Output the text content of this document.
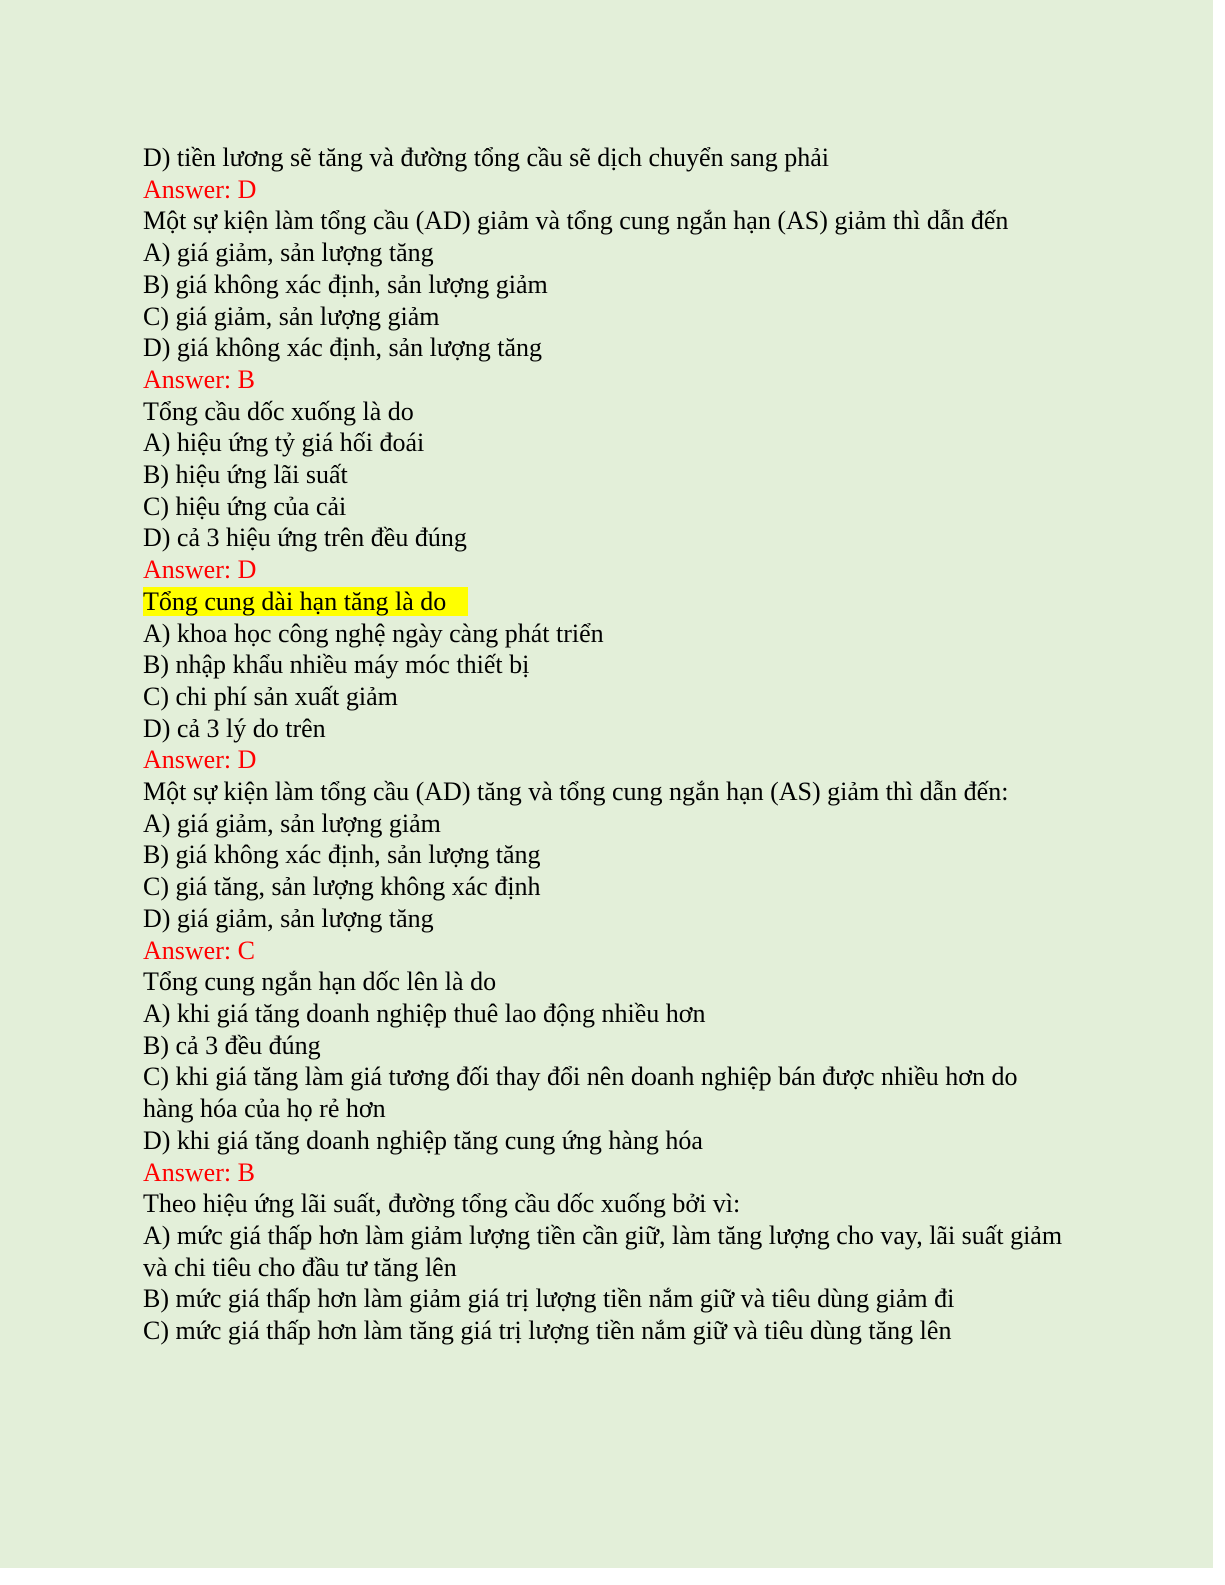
D) tiền lương sẽ tăng và đường tổng cầu sẽ dịch chuyển sang phải
Answer: D
Một sự kiện làm tổng cầu (AD) giảm và tổng cung ngắn hạn (AS) giảm thì dẫn đến
A) giá giảm, sản lượng tăng
B) giá không xác định, sản lượng giảm
C) giá giảm, sản lượng giảm
D) giá không xác định, sản lượng tăng
Answer: B
Tổng cầu dốc xuống là do
A) hiệu ứng tỷ giá hối đoái
B) hiệu ứng lãi suất
C) hiệu ứng của cải
D) cả 3 hiệu ứng trên đều đúng
Answer: D
Tổng cung dài hạn tăng là do
A) khoa học công nghệ ngày càng phát triển
B) nhập khẩu nhiều máy móc thiết bị
C) chi phí sản xuất giảm
D) cả 3 lý do trên
Answer: D
Một sự kiện làm tổng cầu (AD) tăng và tổng cung ngắn hạn (AS) giảm thì dẫn đến:
A) giá giảm, sản lượng giảm
B) giá không xác định, sản lượng tăng
C) giá tăng, sản lượng không xác định
D) giá giảm, sản lượng tăng
Answer: C
Tổng cung ngắn hạn dốc lên là do
A) khi giá tăng doanh nghiệp thuê lao động nhiều hơn
B) cả 3 đều đúng
C) khi giá tăng làm giá tương đối thay đổi nên doanh nghiệp bán được nhiều hơn do hàng hóa của họ rẻ hơn
D) khi giá tăng doanh nghiệp tăng cung ứng hàng hóa
Answer: B
Theo hiệu ứng lãi suất, đường tổng cầu dốc xuống bởi vì:
A) mức giá thấp hơn làm giảm lượng tiền cần giữ, làm tăng lượng cho vay, lãi suất giảm và chi tiêu cho đầu tư tăng lên
B) mức giá thấp hơn làm giảm giá trị lượng tiền nắm giữ và tiêu dùng giảm đi
C) mức giá thấp hơn làm tăng giá trị lượng tiền nắm giữ và tiêu dùng tăng lên
